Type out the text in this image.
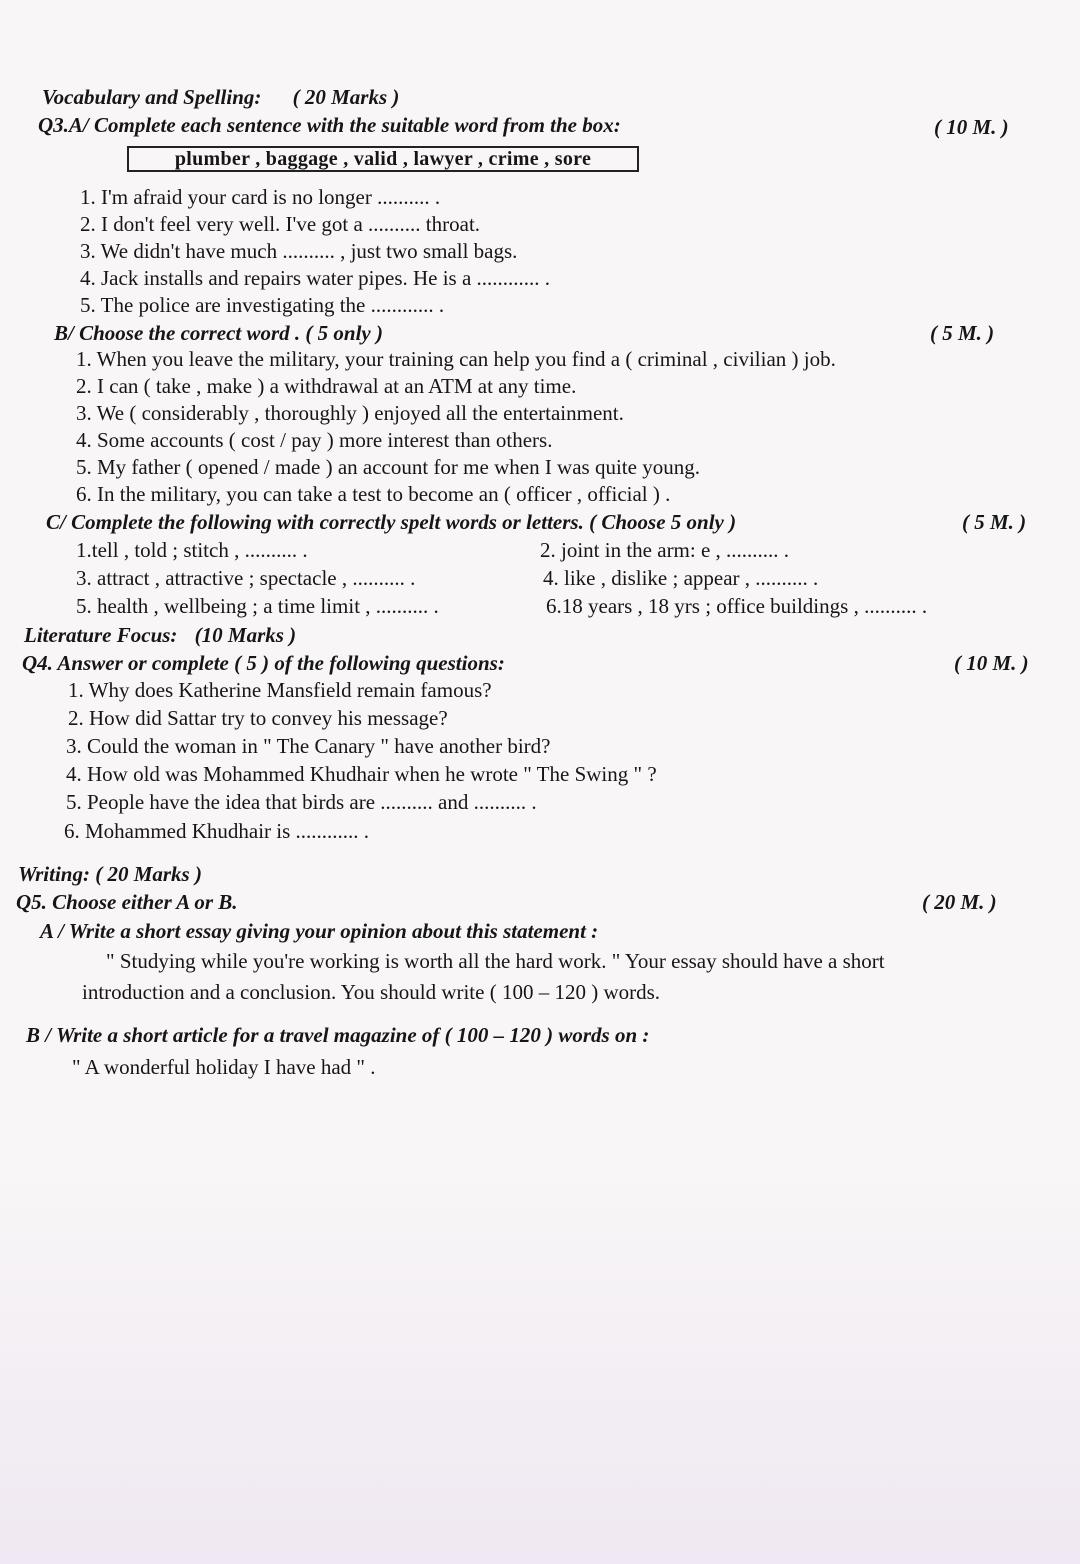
Vocabulary and Spelling: ( 20 Marks )
Q3.A/ Complete each sentence with the suitable word from the box:	( 10 M. )
plumber , baggage , valid , lawyer , crime , sore
1. I'm afraid your card is no longer .......... .
2. I don't feel very well. I've got a .......... throat.
3. We didn't have much .......... , just two small bags.
4. Jack installs and repairs water pipes. He is a ............ .
5. The police are investigating the ............ .
B/ Choose the correct word . ( 5 only )	( 5 M. )
1. When you leave the military, your training can help you find a ( criminal , civilian ) job.
2. I can ( take , make ) a withdrawal at an ATM at any time.
3. We ( considerably , thoroughly ) enjoyed all the entertainment.
4. Some accounts ( cost / pay ) more interest than others.
5. My father ( opened / made ) an account for me when I was quite young.
6. In the military, you can take a test to become an ( officer , official ) .
C/ Complete the following with correctly spelt words or letters. ( Choose 5 only )	( 5 M. )
1.tell , told ; stitch , .......... .	2. joint in the arm: e , .......... .
3. attract , attractive ; spectacle , .......... .	4. like , dislike ; appear , .......... .
5. health , wellbeing ; a time limit , .......... .	6.18 years , 18 yrs ; office buildings , .......... .
Literature Focus: (10 Marks )
Q4. Answer or complete ( 5 ) of the following questions:	( 10 M. )
1. Why does Katherine Mansfield remain famous?
2. How did Sattar try to convey his message?
3. Could the woman in " The Canary " have another bird?
4. How old was Mohammed Khudhair when he wrote " The Swing " ?
5. People have the idea that birds are .......... and .......... .
6. Mohammed Khudhair is ............ .
Writing: ( 20 Marks )
Q5. Choose either A or B.	( 20 M. )
A / Write a short essay giving your opinion about this statement :
" Studying while you're working is worth all the hard work. " Your essay should have a short
introduction and a conclusion. You should write ( 100 – 120 ) words.
B / Write a short article for a travel magazine of ( 100 – 120 ) words on :
" A wonderful holiday I have had " .
